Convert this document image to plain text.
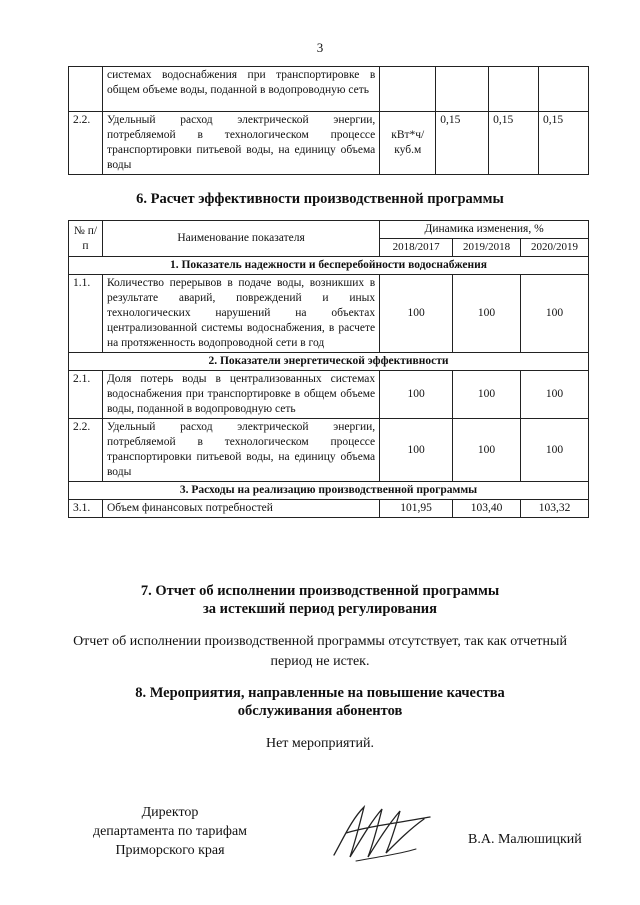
3
	системах водоснабжения при транспортировке в общем объеме воды, поданной в водопроводную сеть				
2.2.	Удельный расход электрической энергии, потребляемой в технологическом процессе транспортировки питьевой воды, на единицу объема воды	кВт*ч/куб.м	0,15	0,15	0,15
6. Расчет эффективности производственной программы
№ п/п	Наименование показателя	Динамика изменения, %		
		2018/2017	2019/2018	2020/2019
1. Показатель надежности и бесперебойности водоснабжения				
1.1.	Количество перерывов в подаче воды, возникших в результате аварий, повреждений и иных технологических нарушений на объектах централизованной системы водоснабжения, в расчете на протяженность водопроводной сети в год	100	100	100
2. Показатели энергетической эффективности				
2.1.	Доля потерь воды в централизованных системах водоснабжения при транспортировке в общем объеме воды, поданной в водопроводную сеть	100	100	100
2.2.	Удельный расход электрической энергии, потребляемой в технологическом процессе транспортировки питьевой воды, на единицу объема воды	100	100	100
3. Расходы на реализацию производственной программы				
3.1.	Объем финансовых потребностей	101,95	103,40	103,32
7. Отчет об исполнении производственной программы
за истекший период регулирования
Отчет об исполнении производственной программы отсутствует, так как отчетный период не истек.
8. Мероприятия, направленные на повышение качества
обслуживания абонентов
Нет мероприятий.
Директор
департамента по тарифам
Приморского края
В.А. Малюшицкий
